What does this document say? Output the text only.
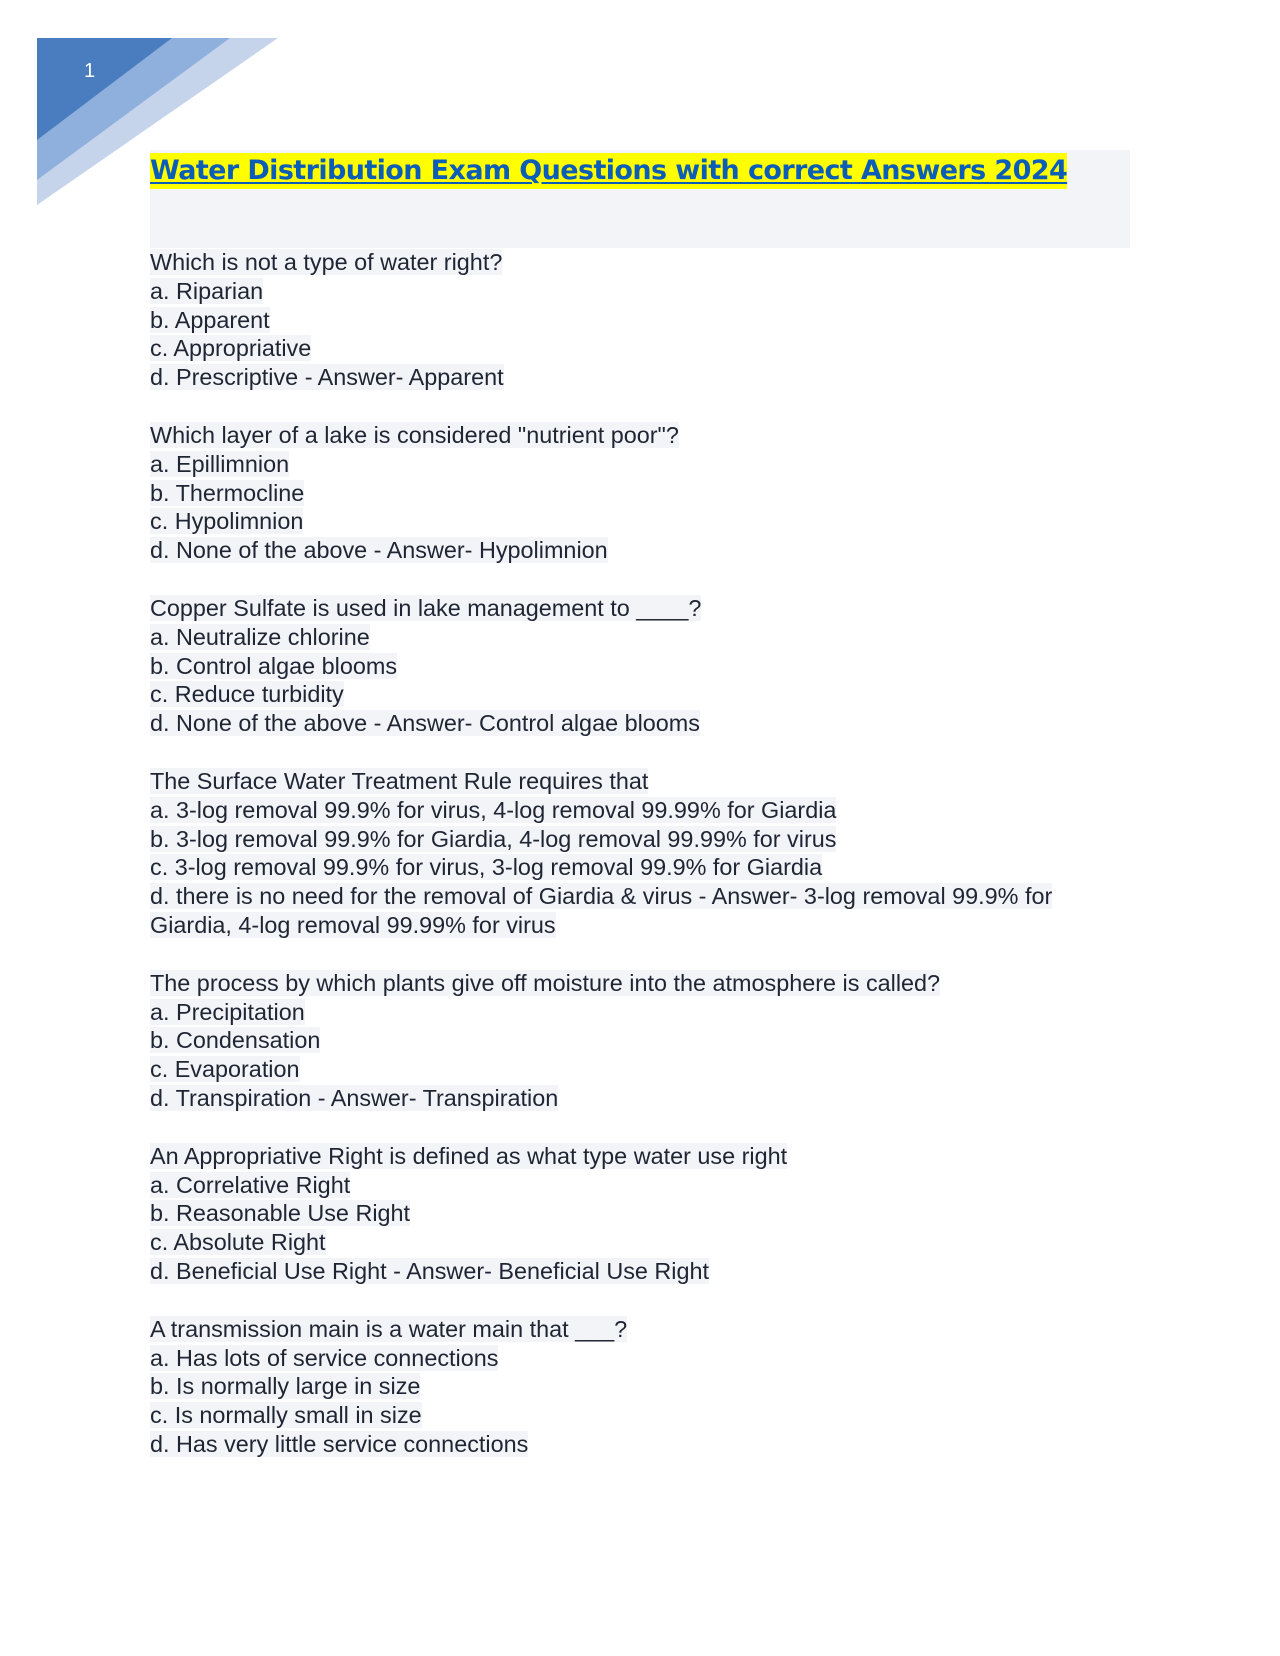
1
Water Distribution Exam Questions with correct Answers 2024
Which is not a type of water right?
a. Riparian
b. Apparent
c. Appropriative
d. Prescriptive - Answer- Apparent
Which layer of a lake is considered "nutrient poor"?
a. Epillimnion
b. Thermocline
c. Hypolimnion
d. None of the above - Answer- Hypolimnion
Copper Sulfate is used in lake management to ____?
a. Neutralize chlorine
b. Control algae blooms
c. Reduce turbidity
d. None of the above - Answer- Control algae blooms
The Surface Water Treatment Rule requires that
a. 3-log removal 99.9% for virus, 4-log removal 99.99% for Giardia
b. 3-log removal 99.9% for Giardia, 4-log removal 99.99% for virus
c. 3-log removal 99.9% for virus, 3-log removal 99.9% for Giardia
d. there is no need for the removal of Giardia & virus - Answer- 3-log removal 99.9% for
Giardia, 4-log removal 99.99% for virus
The process by which plants give off moisture into the atmosphere is called?
a. Precipitation
b. Condensation
c. Evaporation
d. Transpiration - Answer- Transpiration
An Appropriative Right is defined as what type water use right
a. Correlative Right
b. Reasonable Use Right
c. Absolute Right
d. Beneficial Use Right - Answer- Beneficial Use Right
A transmission main is a water main that ___?
a. Has lots of service connections
b. Is normally large in size
c. Is normally small in size
d. Has very little service connections
